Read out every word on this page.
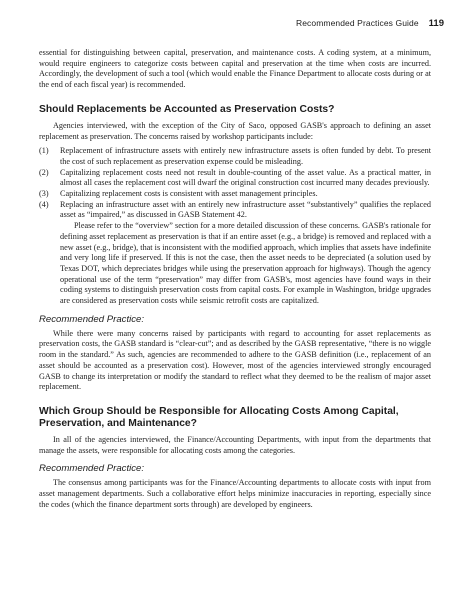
Recommended Practices Guide 119

essential for distinguishing between capital, preservation, and maintenance costs. A coding system, at a minimum, would require engineers to categorize costs between capital and preservation at the time when costs are incurred. Accordingly, the development of such a tool (which would enable the Finance Department to allocate costs during or at the end of each fiscal year) is recommended.

Should Replacements be Accounted as Preservation Costs?

Agencies interviewed, with the exception of the City of Saco, opposed GASB's approach to defining an asset replacement as preservation. The concerns raised by workshop participants include:

(1) Replacement of infrastructure assets with entirely new infrastructure assets is often funded by debt. To present the cost of such replacement as preservation expense could be misleading.
(2) Capitalizing replacement costs need not result in double-counting of the asset value. As a practical matter, in almost all cases the replacement cost will dwarf the original construction cost incurred many decades previously.
(3) Capitalizing replacement costs is consistent with asset management principles.
(4) Replacing an infrastructure asset with an entirely new infrastructure asset “substantively” qualifies the replaced asset as “impaired,” as discussed in GASB Statement 42.

Please refer to the “overview” section for a more detailed discussion of these concerns. GASB's rationale for defining asset replacement as preservation is that if an entire asset (e.g., a bridge) is removed and replaced with a new asset (e.g., bridge), that is inconsistent with the modified approach, which implies that assets have indefinite and very long life if preserved. If this is not the case, then the asset needs to be depreciated (a solution used by Texas DOT, which depreciates bridges while using the preservation approach for highways). Though the agency operational use of the term “preservation” may differ from GASB's, most agencies have found ways in their coding systems to distinguish preservation costs from capital costs. For example in Washington, bridge upgrades are considered as preservation costs while seismic retrofit costs are capitalized.

Recommended Practice:

While there were many concerns raised by participants with regard to accounting for asset replacements as preservation costs, the GASB standard is “clear-cut”; and as described by the GASB representative, “there is no wiggle room in the standard.” As such, agencies are recommended to adhere to the GASB definition (i.e., replacement of an asset should be accounted as a preservation cost). However, most of the agencies interviewed strongly encouraged GASB to change its interpretation or modify the standard to reflect what they deemed to be the realism of major asset replacement.

Which Group Should be Responsible for Allocating Costs Among Capital, Preservation, and Maintenance?

In all of the agencies interviewed, the Finance/Accounting Departments, with input from the departments that manage the assets, were responsible for allocating costs among the categories.

Recommended Practice:

The consensus among participants was for the Finance/Accounting departments to allocate costs with input from asset management departments. Such a collaborative effort helps minimize inaccuracies in reporting, especially since the codes (which the finance department sorts through) are developed by engineers.
